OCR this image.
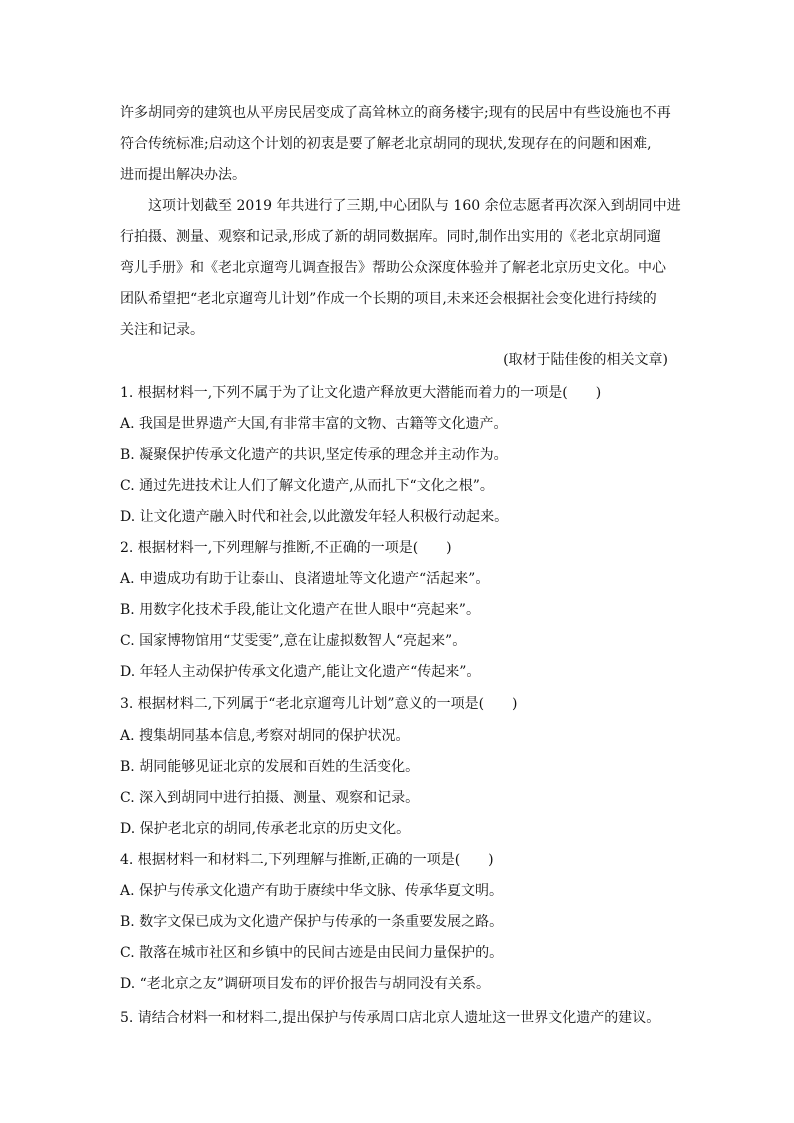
许多胡同旁的建筑也从平房民居变成了高耸林立的商务楼宇;现有的民居中有些设施也不再
符合传统标准;启动这个计划的初衷是要了解老北京胡同的现状,发现存在的问题和困难,
进而提出解决办法。

这项计划截至 2019 年共进行了三期,中心团队与 160 余位志愿者再次深入到胡同中进
行拍摄、测量、观察和记录,形成了新的胡同数据库。同时,制作出实用的《老北京胡同遛
弯儿手册》和《老北京遛弯儿调查报告》帮助公众深度体验并了解老北京历史文化。中心
团队希望把“老北京遛弯儿计划”作成一个长期的项目,未来还会根据社会变化进行持续的
关注和记录。

(取材于陆佳俊的相关文章)
1. 根据材料一,下列不属于为了让文化遗产释放更大潜能而着力的一项是(　　)
A. 我国是世界遗产大国,有非常丰富的文物、古籍等文化遗产。
B. 凝聚保护传承文化遗产的共识,坚定传承的理念并主动作为。
C. 通过先进技术让人们了解文化遗产,从而扎下“文化之根”。
D. 让文化遗产融入时代和社会,以此激发年轻人积极行动起来。
2. 根据材料一,下列理解与推断,不正确的一项是(　　)
A. 申遗成功有助于让泰山、良渚遗址等文化遗产“活起来”。
B. 用数字化技术手段,能让文化遗产在世人眼中“亮起来”。
C. 国家博物馆用“艾雯雯”,意在让虚拟数智人“亮起来”。
D. 年轻人主动保护传承文化遗产,能让文化遗产“传起来”。
3. 根据材料二,下列属于“老北京遛弯儿计划”意义的一项是(　　)
A. 搜集胡同基本信息,考察对胡同的保护状况。
B. 胡同能够见证北京的发展和百姓的生活变化。
C. 深入到胡同中进行拍摄、测量、观察和记录。
D. 保护老北京的胡同,传承老北京的历史文化。
4. 根据材料一和材料二,下列理解与推断,正确的一项是(　　)
A. 保护与传承文化遗产有助于赓续中华文脉、传承华夏文明。
B. 数字文保已成为文化遗产保护与传承的一条重要发展之路。
C. 散落在城市社区和乡镇中的民间古迹是由民间力量保护的。
D. “老北京之友”调研项目发布的评价报告与胡同没有关系。
5. 请结合材料一和材料二,提出保护与传承周口店北京人遗址这一世界文化遗产的建议。
